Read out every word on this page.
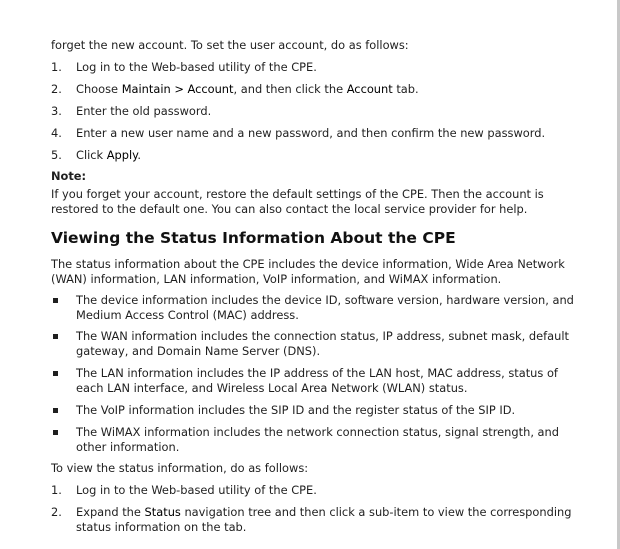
forget the new account. To set the user account, do as follows:
1. Log in to the Web-based utility of the CPE.
2. Choose Maintain > Account, and then click the Account tab.
3. Enter the old password.
4. Enter a new user name and a new password, and then confirm the new password.
5. Click Apply.
Note:
If you forget your account, restore the default settings of the CPE. Then the account is restored to the default one. You can also contact the local service provider for help.
Viewing the Status Information About the CPE
The status information about the CPE includes the device information, Wide Area Network (WAN) information, LAN information, VoIP information, and WiMAX information.
The device information includes the device ID, software version, hardware version, and Medium Access Control (MAC) address.
The WAN information includes the connection status, IP address, subnet mask, default gateway, and Domain Name Server (DNS).
The LAN information includes the IP address of the LAN host, MAC address, status of each LAN interface, and Wireless Local Area Network (WLAN) status.
The VoIP information includes the SIP ID and the register status of the SIP ID.
The WiMAX information includes the network connection status, signal strength, and other information.
To view the status information, do as follows:
1. Log in to the Web-based utility of the CPE.
2. Expand the Status navigation tree and then click a sub-item to view the corresponding status information on the tab.
